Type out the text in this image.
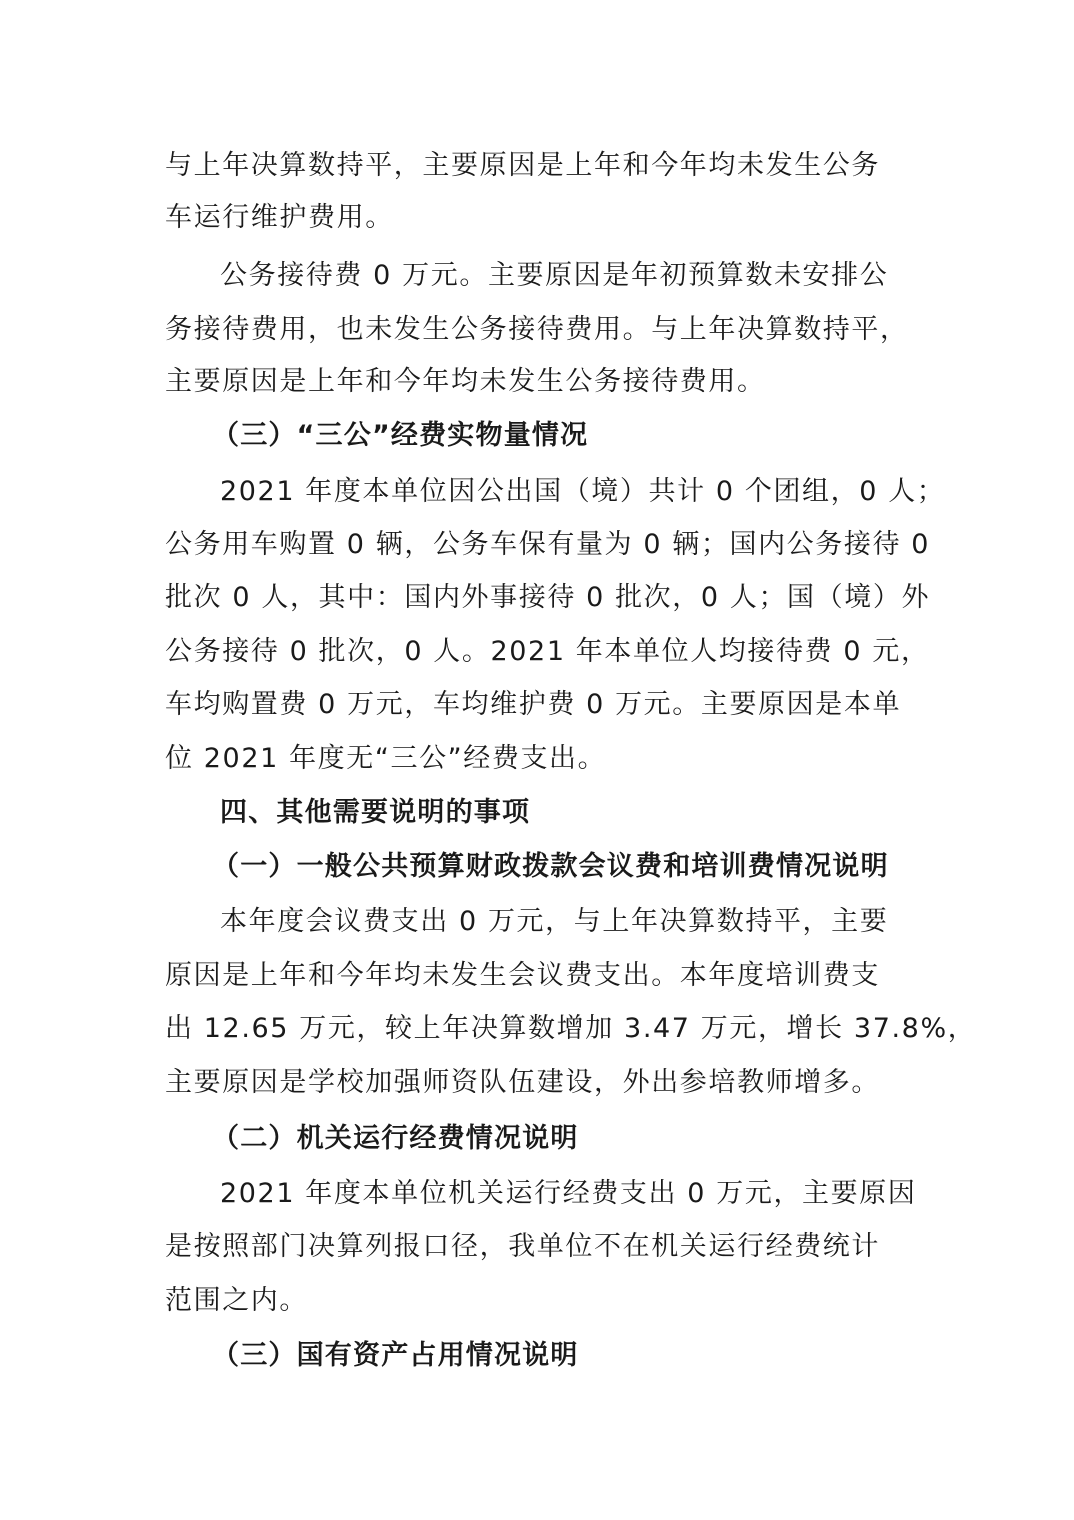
与上年决算数持平，主要原因是上年和今年均未发生公务
车运行维护费用。
公务接待费 0 万元。主要原因是年初预算数未安排公
务接待费用，也未发生公务接待费用。与上年决算数持平，
主要原因是上年和今年均未发生公务接待费用。
（三）“三公”经费实物量情况
2021 年度本单位因公出国（境）共计 0 个团组，0 人；
公务用车购置 0 辆，公务车保有量为 0 辆；国内公务接待 0
批次 0 人，其中：国内外事接待 0 批次，0 人；国（境）外
公务接待 0 批次，0 人。2021 年本单位人均接待费 0 元，
车均购置费 0 万元，车均维护费 0 万元。主要原因是本单
位 2021 年度无“三公”经费支出。
四、其他需要说明的事项
（一）一般公共预算财政拨款会议费和培训费情况说明
本年度会议费支出 0 万元，与上年决算数持平，主要
原因是上年和今年均未发生会议费支出。本年度培训费支
出 12.65 万元，较上年决算数增加 3.47 万元，增长 37.8%，
主要原因是学校加强师资队伍建设，外出参培教师增多。
（二）机关运行经费情况说明
2021 年度本单位机关运行经费支出 0 万元，主要原因
是按照部门决算列报口径，我单位不在机关运行经费统计
范围之内。
（三）国有资产占用情况说明
